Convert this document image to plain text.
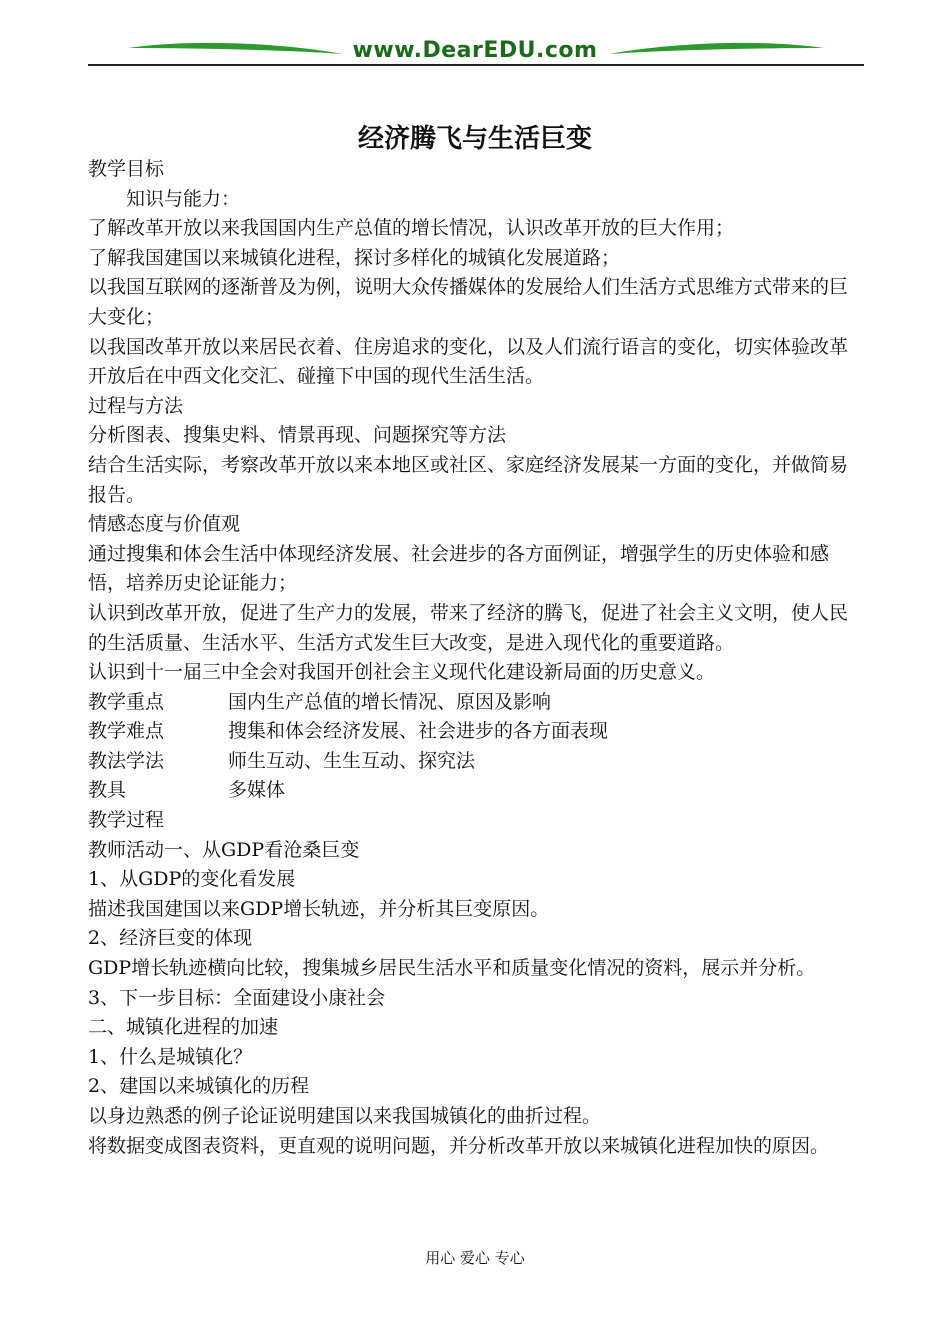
www.DearEDU.com
经济腾飞与生活巨变

教学目标

知识与能力：

了解改革开放以来我国国内生产总值的增长情况，认识改革开放的巨大作用；

了解我国建国以来城镇化进程，探讨多样化的城镇化发展道路；

以我国互联网的逐渐普及为例，说明大众传播媒体的发展给人们生活方式思维方式带来的巨大变化；

以我国改革开放以来居民衣着、住房追求的变化，以及人们流行语言的变化，切实体验改革开放后在中西文化交汇、碰撞下中国的现代生活生活。

过程与方法

分析图表、搜集史料、情景再现、问题探究等方法

结合生活实际，考察改革开放以来本地区或社区、家庭经济发展某一方面的变化，并做简易报告。

情感态度与价值观

通过搜集和体会生活中体现经济发展、社会进步的各方面例证，增强学生的历史体验和感悟，培养历史论证能力；

认识到改革开放，促进了生产力的发展，带来了经济的腾飞，促进了社会主义文明，使人民的生活质量、生活水平、生活方式发生巨大改变，是进入现代化的重要道路。

认识到十一届三中全会对我国开创社会主义现代化建设新局面的历史意义。

教学重点	国内生产总值的增长情况、原因及影响
教学难点	搜集和体会经济发展、社会进步的各方面表现
教法学法	师生互动、生生互动、探究法
教具	多媒体

教学过程

教师活动一、从GDP看沧桑巨变

1、从GDP的变化看发展

描述我国建国以来GDP增长轨迹，并分析其巨变原因。

2、经济巨变的体现

GDP增长轨迹横向比较，搜集城乡居民生活水平和质量变化情况的资料，展示并分析。

3、下一步目标：全面建设小康社会

二、城镇化进程的加速

1、什么是城镇化？

2、建国以来城镇化的历程

以身边熟悉的例子论证说明建国以来我国城镇化的曲折过程。

将数据变成图表资料，更直观的说明问题，并分析改革开放以来城镇化进程加快的原因。

用心 爱心 专心
